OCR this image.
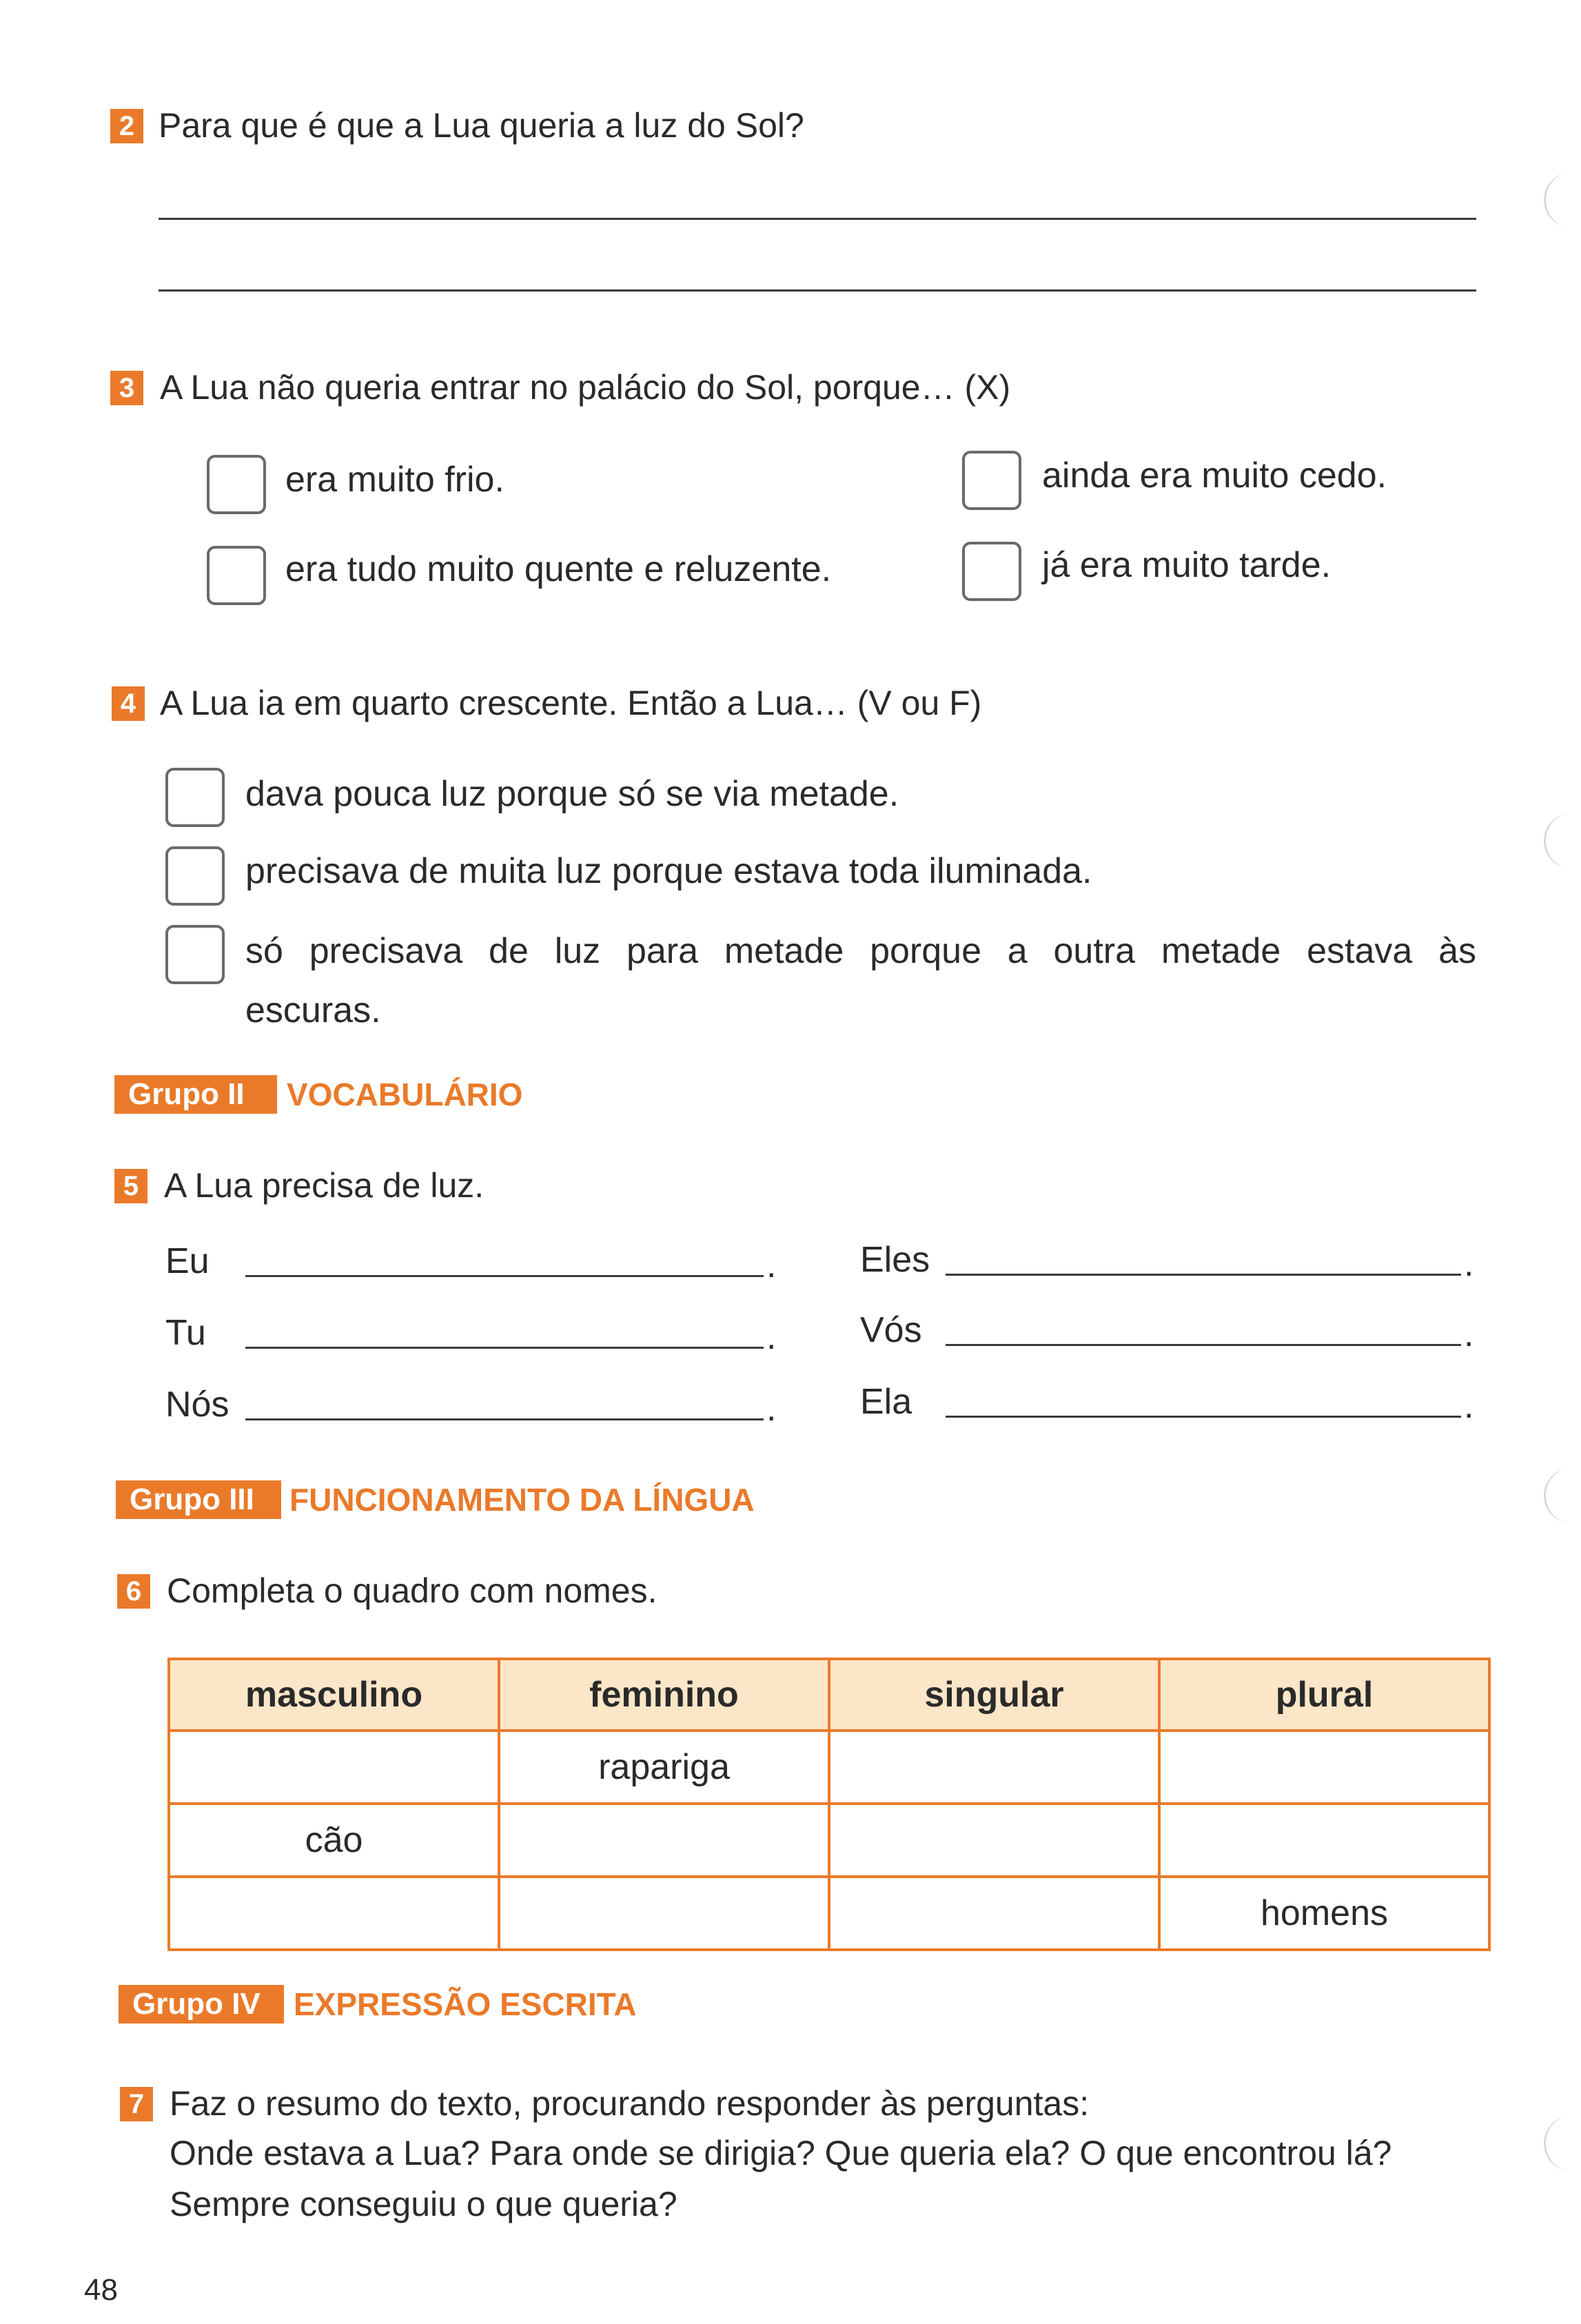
2 Para que é que a Lua queria a luz do Sol?
3 A Lua não queria entrar no palácio do Sol, porque… (X)
era muito frio.	ainda era muito cedo.
era tudo muito quente e reluzente.	já era muito tarde.
4 A Lua ia em quarto crescente. Então a Lua… (V ou F)
dava pouca luz porque só se via metade.
precisava de muita luz porque estava toda iluminada.
só precisava de luz para metade porque a outra metade estava às
escuras.
Grupo II	VOCABULÁRIO
5 A Lua precisa de luz.
Eu	. Eles	.
Tu	. Vós	.
Nós	. Ela	.
Grupo III	FUNCIONAMENTO DA LÍNGUA
6 Completa o quadro com nomes.
masculino	feminino	singular	plural
	rapariga		
cão			
			homens
Grupo IV	EXPRESSÃO ESCRITA
7 Faz o resumo do texto, procurando responder às perguntas:
Onde estava a Lua? Para onde se dirigia? Que queria ela? O que encontrou lá?
Sempre conseguiu o que queria?
48
